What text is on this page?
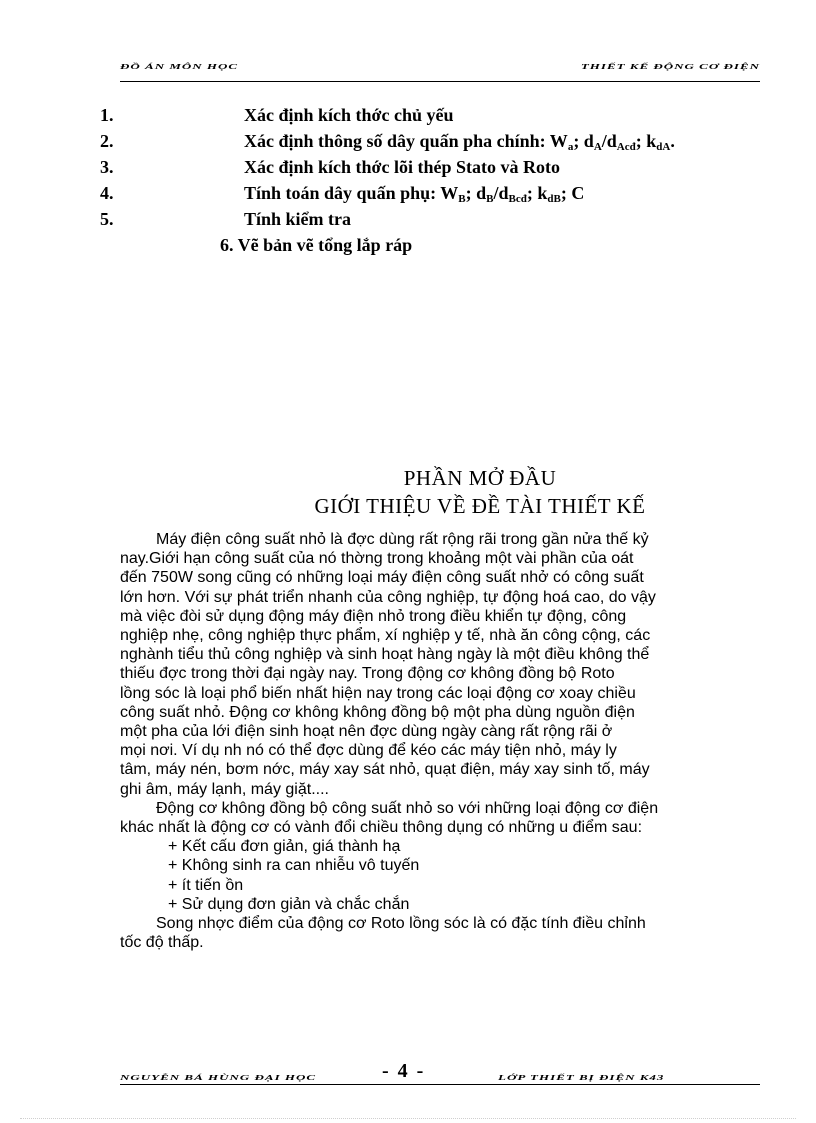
ĐỒ ÁN MÔN HỌC	THIẾT KẾ ĐỘNG CƠ ĐIỆN
1.	Xác định kích thớc chủ yếu
2.	Xác định thông số dây quấn pha chính: $W_a$; $d_A/d_{Acđ}$; $k_{dA}$.
3.	Xác định kích thớc lõi thép Stato và Roto
4.	Tính toán dây quấn phụ: $W_B$; $d_B/d_{Bcđ}$; $k_{dB}$; C
5.	Tính kiểm tra
6. Vẽ bản vẽ tổng lắp ráp
PHẦN MỞ ĐẦU
GIỚI THIỆU VỀ ĐỀ TÀI THIẾT KẾ

Máy điện công suất nhỏ là đợc dùng rất rộng rãi trong gần nửa thế kỷ

nay.Giới hạn công suất của nó thờng trong khoảng một vài phần của oát

đến 750W song cũng có những loại máy điện công suất nhở có công suất

lớn hơn. Với sự phát triển nhanh của công nghiệp, tự động hoá cao, do vậy

mà việc đòi sử dụng động máy điện nhỏ trong điều khiển tự động, công

nghiệp nhẹ, công nghiệp thực phẩm, xí nghiệp y tế, nhà ăn công cộng, các

nghành tiểu thủ công nghiệp và sinh hoạt hàng ngày là một điều không thể

thiếu đợc trong thời đại ngày nay. Trong động cơ không đồng bộ Roto

lồng sóc là loại phổ biến nhất hiện nay trong các loại động cơ xoay chiều

công suất nhỏ. Động cơ không không đồng bộ một pha dùng nguồn điện

một pha của lới điện sinh hoạt nên đợc dùng ngày càng rất rộng rãi ở

mọi nơi. Ví dụ nh nó có thể đợc dùng để kéo các máy tiện nhỏ, máy ly

tâm, máy nén, bơm nớc, máy xay sát nhỏ, quạt điện, máy xay sinh tố, máy

ghi âm, máy lạnh, máy giặt....

Động cơ không đồng bộ công suất nhỏ so với những loại động cơ điện

khác nhất là động cơ có vành đổi chiều thông dụng có những u điểm sau:

+ Kết cấu đơn giản, giá thành hạ

+ Không sinh ra can nhiễu vô tuyến

+ ít tiến ồn

+ Sử dụng đơn giản và chắc chắn

Song nhợc điểm của động cơ Roto lồng sóc là có đặc tính điều chỉnh

tốc độ thấp.

NGUYỄN BÁ HÙNG ĐẠI HỌC	- 4 -	LỚP THIẾT BỊ ĐIỆN K43
